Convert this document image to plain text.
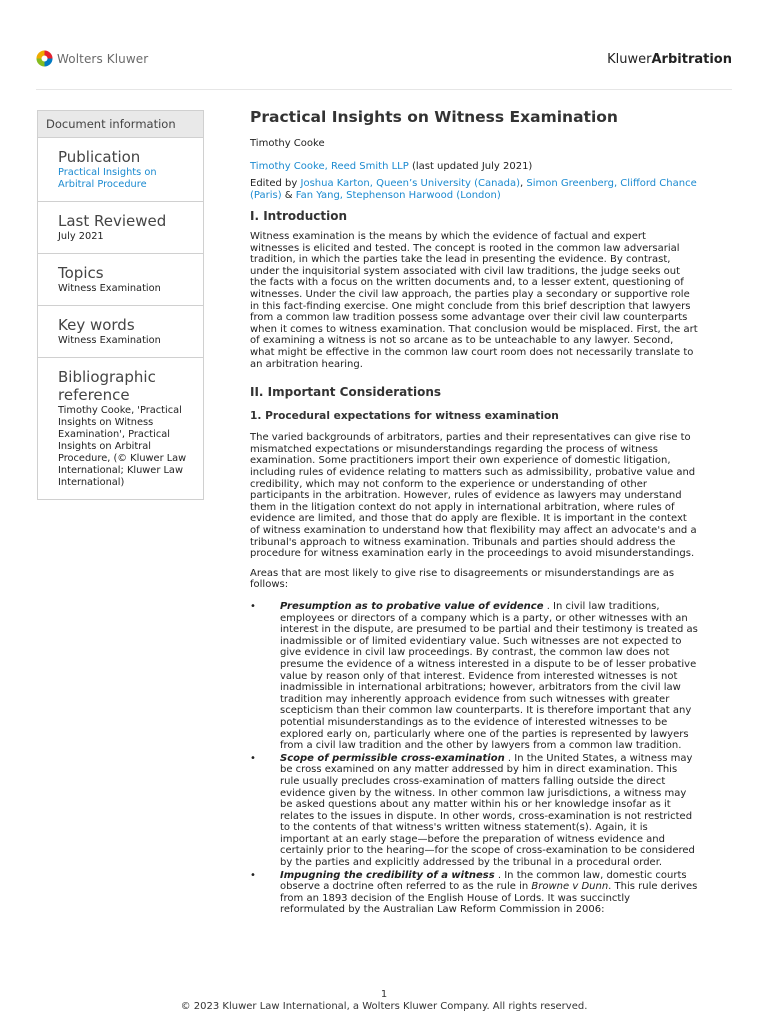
Wolters Kluwer	KluwerArbitration
Document information
Publication
Practical Insights on Arbitral Procedure
Last Reviewed
July 2021
Topics
Witness Examination
Key words
Witness Examination
Bibliographic reference
Timothy Cooke, 'Practical Insights on Witness Examination', Practical Insights on Arbitral Procedure, (© Kluwer Law International; Kluwer Law International)
Practical Insights on Witness Examination
Timothy Cooke
Timothy Cooke, Reed Smith LLP (last updated July 2021)
Edited by Joshua Karton, Queen’s University (Canada), Simon Greenberg, Clifford Chance (Paris) & Fan Yang, Stephenson Harwood (London)
I. Introduction
Witness examination is the means by which the evidence of factual and expert witnesses is elicited and tested. The concept is rooted in the common law adversarial tradition, in which the parties take the lead in presenting the evidence. By contrast, under the inquisitorial system associated with civil law traditions, the judge seeks out the facts with a focus on the written documents and, to a lesser extent, questioning of witnesses. Under the civil law approach, the parties play a secondary or supportive role in this fact-finding exercise. One might conclude from this brief description that lawyers from a common law tradition possess some advantage over their civil law counterparts when it comes to witness examination. That conclusion would be misplaced. First, the art of examining a witness is not so arcane as to be unteachable to any lawyer. Second, what might be effective in the common law court room does not necessarily translate to an arbitration hearing.
II. Important Considerations
1. Procedural expectations for witness examination
The varied backgrounds of arbitrators, parties and their representatives can give rise to mismatched expectations or misunderstandings regarding the process of witness examination. Some practitioners import their own experience of domestic litigation, including rules of evidence relating to matters such as admissibility, probative value and credibility, which may not conform to the experience or understanding of other participants in the arbitration. However, rules of evidence as lawyers may understand them in the litigation context do not apply in international arbitration, where rules of evidence are limited, and those that do apply are flexible. It is important in the context of witness examination to understand how that flexibility may affect an advocate's and a tribunal's approach to witness examination. Tribunals and parties should address the procedure for witness examination early in the proceedings to avoid misunderstandings.
Areas that are most likely to give rise to disagreements or misunderstandings are as follows:
• Presumption as to probative value of evidence . In civil law traditions, employees or directors of a company which is a party, or other witnesses with an interest in the dispute, are presumed to be partial and their testimony is treated as inadmissible or of limited evidentiary value. Such witnesses are not expected to give evidence in civil law proceedings. By contrast, the common law does not presume the evidence of a witness interested in a dispute to be of lesser probative value by reason only of that interest. Evidence from interested witnesses is not inadmissible in international arbitrations; however, arbitrators from the civil law tradition may inherently approach evidence from such witnesses with greater scepticism than their common law counterparts. It is therefore important that any potential misunderstandings as to the evidence of interested witnesses to be explored early on, particularly where one of the parties is represented by lawyers from a civil law tradition and the other by lawyers from a common law tradition.
• Scope of permissible cross-examination . In the United States, a witness may be cross examined on any matter addressed by him in direct examination. This rule usually precludes cross-examination of matters falling outside the direct evidence given by the witness. In other common law jurisdictions, a witness may be asked questions about any matter within his or her knowledge insofar as it relates to the issues in dispute. In other words, cross-examination is not restricted to the contents of that witness's written witness statement(s). Again, it is important at an early stage—before the preparation of witness evidence and certainly prior to the hearing—for the scope of cross-examination to be considered by the parties and explicitly addressed by the tribunal in a procedural order.
• Impugning the credibility of a witness . In the common law, domestic courts observe a doctrine often referred to as the rule in Browne v Dunn. This rule derives from an 1893 decision of the English House of Lords. It was succinctly reformulated by the Australian Law Reform Commission in 2006:
1
© 2023 Kluwer Law International, a Wolters Kluwer Company. All rights reserved.
